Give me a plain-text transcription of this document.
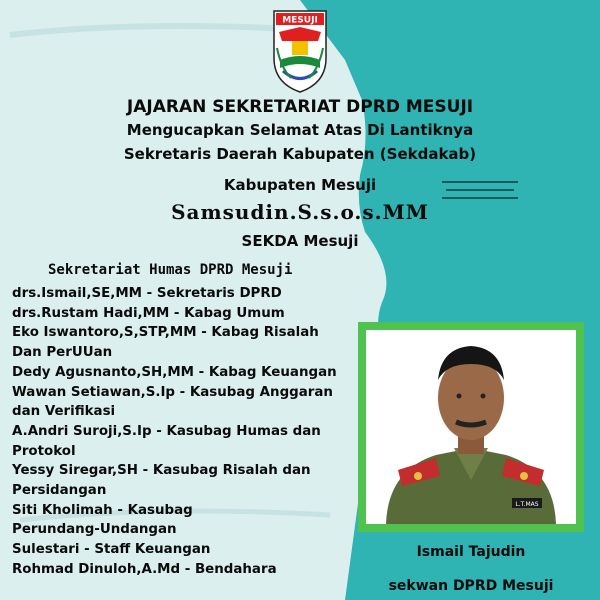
MESUJI
JAJARAN SEKRETARIAT DPRD MESUJI
Mengucapkan Selamat Atas Di Lantiknya
Sekretaris Daerah Kabupaten (Sekdakab)
Kabupaten Mesuji
Samsudin.S.s.o.s.MM
SEKDA Mesuji
Sekretariat Humas DPRD Mesuji
drs.Ismail,SE,MM - Sekretaris DPRD
drs.Rustam Hadi,MM - Kabag Umum
Eko Iswantoro,S,STP,MM - Kabag Risalah
Dan PerUUan
Dedy Agusnanto,SH,MM - Kabag Keuangan
Wawan Setiawan,S.Ip - Kasubag Anggaran
dan Verifikasi
A.Andri Suroji,S.Ip - Kasubag Humas dan
Protokol
Yessy Siregar,SH - Kasubag Risalah dan
Persidangan
Siti Kholimah - Kasubag
Perundang-Undangan
Sulestari - Staff Keuangan
Rohmad Dinuloh,A.Md - Bendahara
L.T.MAS
Ismail Tajudin
sekwan DPRD Mesuji
